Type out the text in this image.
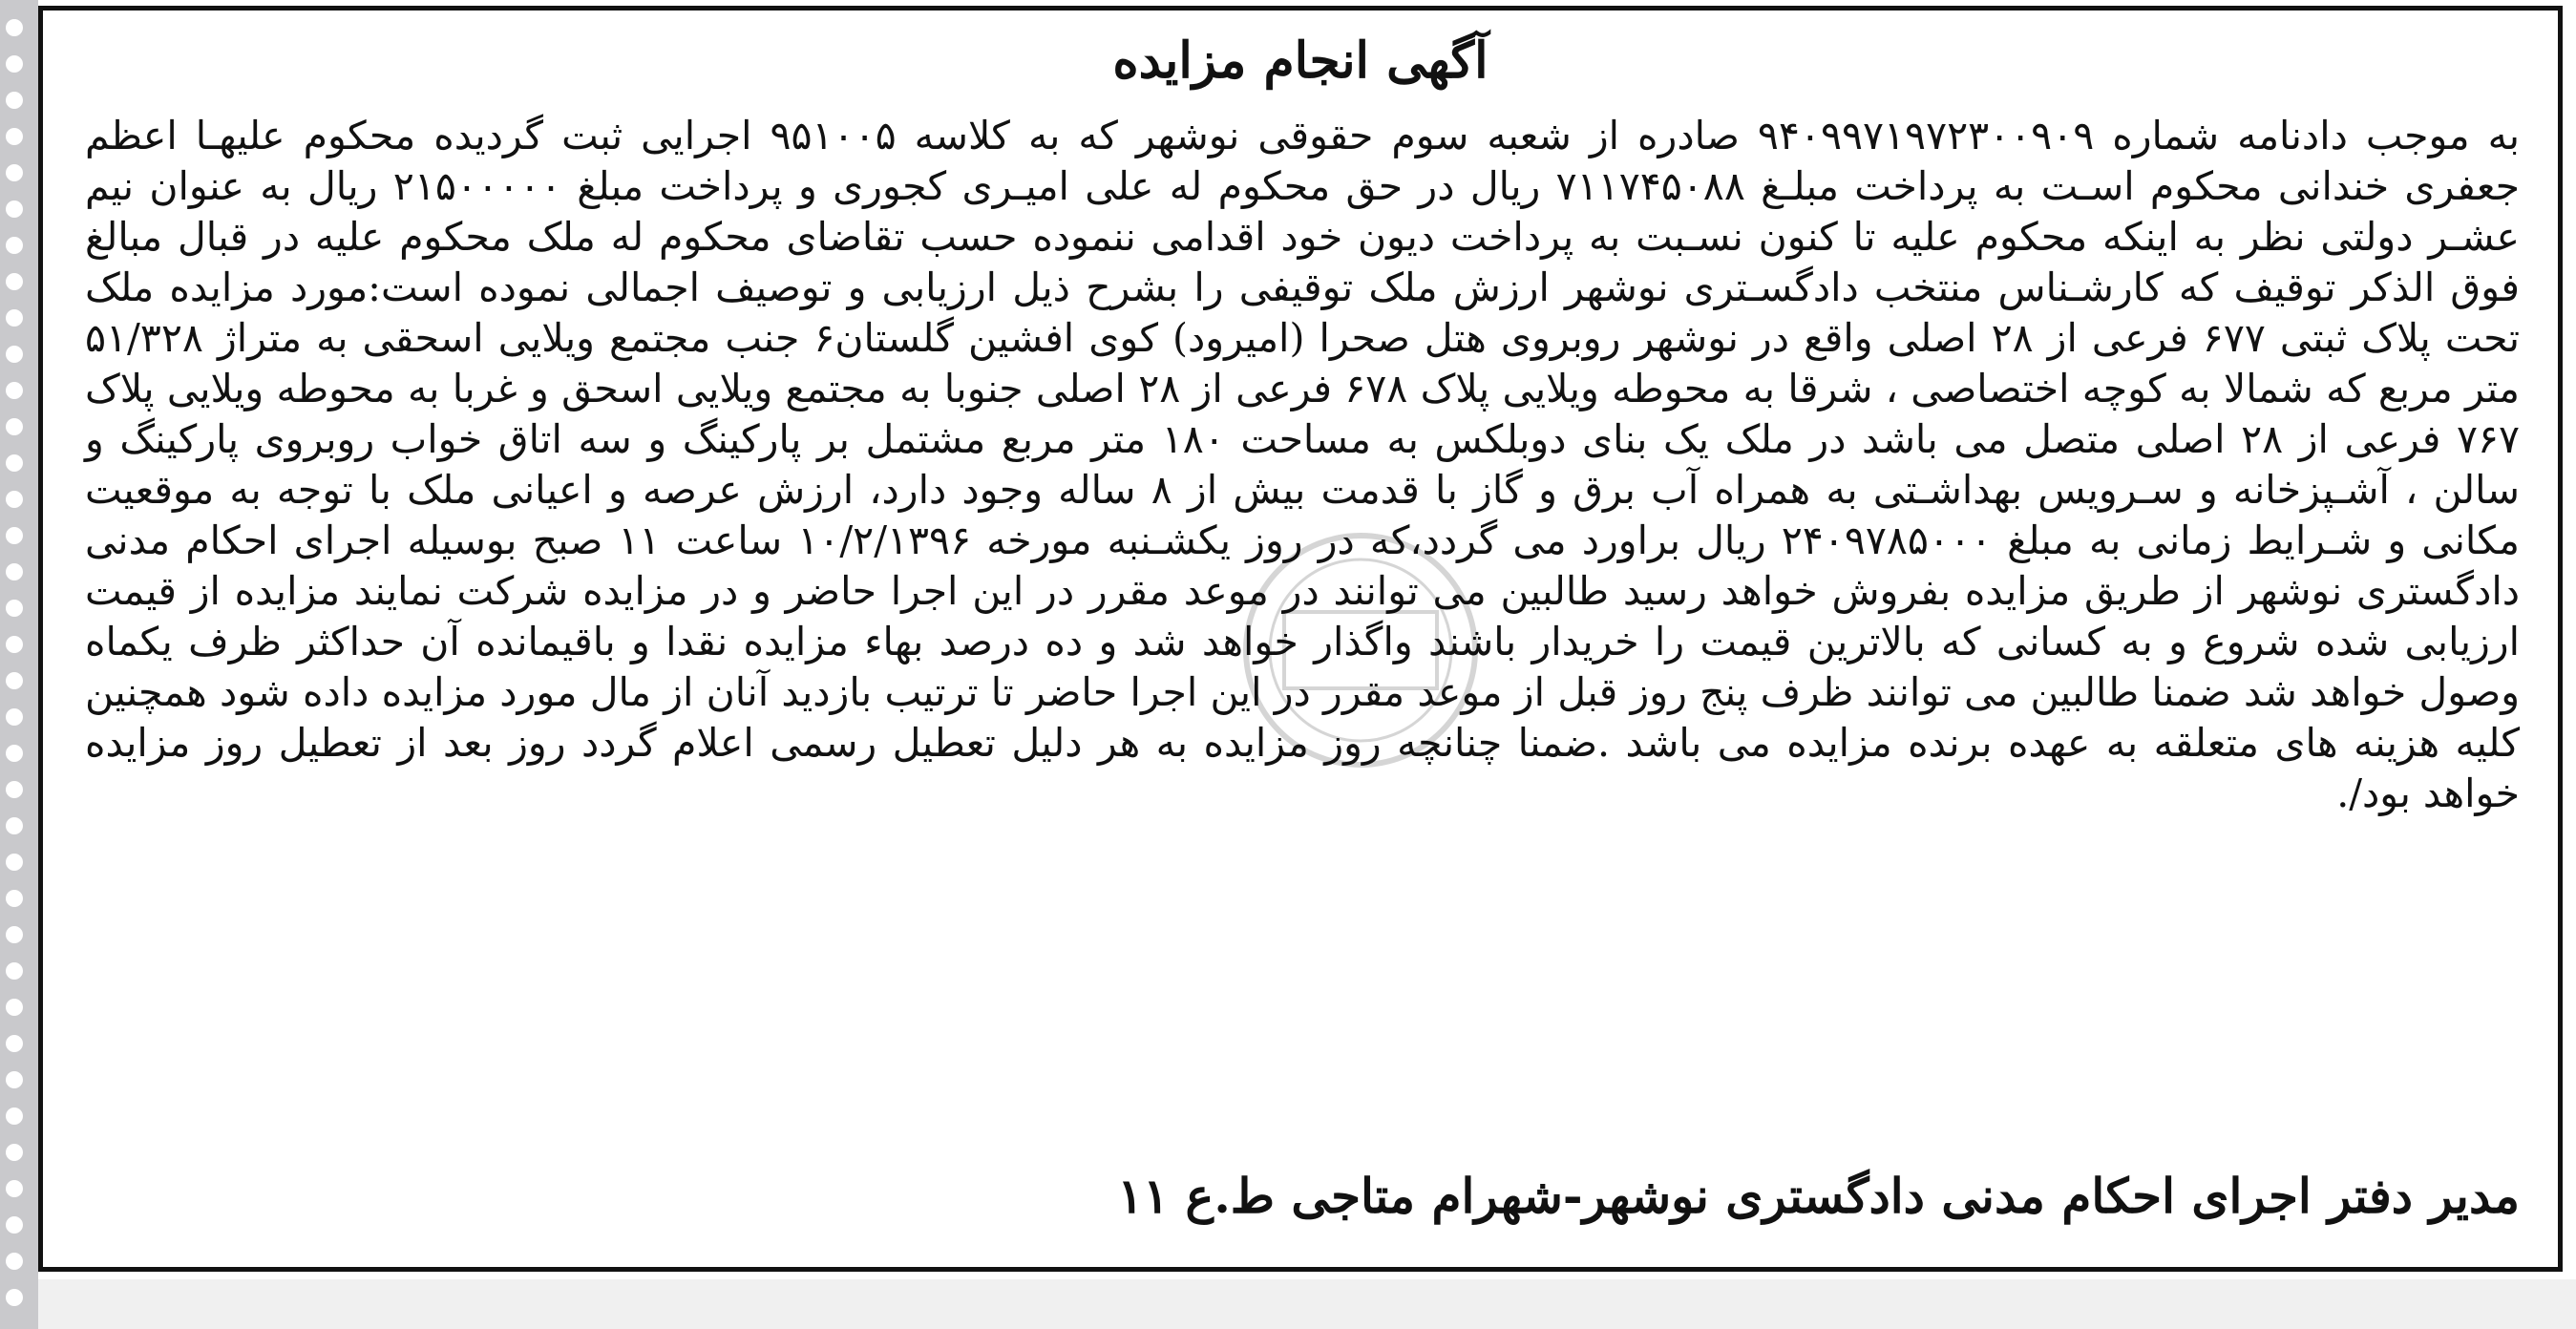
آگهی انجام مزایده
به موجب دادنامه شماره ۹۴۰۹۹۷۱۹۷۲۳۰۰۹۰۹ صادره از شعبه سوم حقوقی نوشهر که به کلاسه ۹۵۱۰۰۵ اجرایی ثبت گردیده محکوم علیهـا اعظم جعفری خندانی محکوم اسـت به پرداخت مبلـغ ۷۱۱۷۴۵۰۸۸ ریال در حق محکوم له علی امیـری کجوری و پرداخت مبلغ ۲۱۵۰۰۰۰۰ ریال به عنوان نیم عشـر دولتی نظر به اینکه محکوم علیه تا کنون نسـبت به پرداخت دیون خود اقدامی ننموده حسب تقاضای محکوم له ملک محکوم علیه در قبال مبالغ فوق الذکر توقیف که کارشـناس منتخب دادگسـتری نوشهر ارزش ملک توقیفی را بشرح ذیل ارزیابی و توصیف اجمالی نموده است:مورد مزایده ملک تحت پلاک ثبتی ۶۷۷ فرعی از ۲۸ اصلی واقع در نوشهر روبروی هتل صحرا (امیرود) کوی افشین گلستان۶ جنب مجتمع ویلایی اسحقی به متراژ ۵۱/۳۲۸ متر مربع که شمالا به کوچه اختصاصی ، شرقا به محوطه ویلایی پلاک ۶۷۸ فرعی از ۲۸ اصلی جنوبا به مجتمع ویلایی اسحق و غربا به محوطه ویلایی پلاک ۷۶۷ فرعی از ۲۸ اصلی متصل می باشد در ملک یک بنای دوبلکس به مساحت ۱۸۰ متر مربع مشتمل بر پارکینگ و سه اتاق خواب روبروی پارکینگ و سالن ، آشـپزخانه و سـرویس بهداشـتی به همراه آب برق و گاز با قدمت بیش از ۸ ساله وجود دارد، ارزش عرصه و اعیانی ملک با توجه به موقعیت مکانی و شـرایط زمانی به مبلغ ۲۴۰۹۷۸۵۰۰۰ ریال براورد می گردد،که در روز یکشـنبه مورخه ۱۰/۲/۱۳۹۶ ساعت ۱۱ صبح بوسیله اجرای احکام مدنی دادگستری نوشهر از طریق مزایده بفروش خواهد رسید طالبین می توانند در موعد مقرر در این اجرا حاضر و در مزایده شرکت نمایند مزایده از قیمت ارزیابی شده شروع و به کسانی که بالاترین قیمت را خریدار باشند واگذار خواهد شد و ده درصد بهاء مزایده نقدا و باقیمانده آن حداکثر ظرف یکماه وصول خواهد شد ضمنا طالبین می توانند ظرف پنج روز قبل از موعد مقرر در این اجرا حاضر تا ترتیب بازدید آنان از مال مورد مزایده داده شود همچنین کلیه هزینه های متعلقه به عهده برنده مزایده می باشد .ضمنا چنانچه روز مزایده به هر دلیل تعطیل رسمی اعلام گردد روز بعد از تعطیل روز مزایده خواهد بود/.
مدیر دفتر اجرای احکام مدنی دادگستری نوشهر-شهرام متاجی ط.ع ۱۱
